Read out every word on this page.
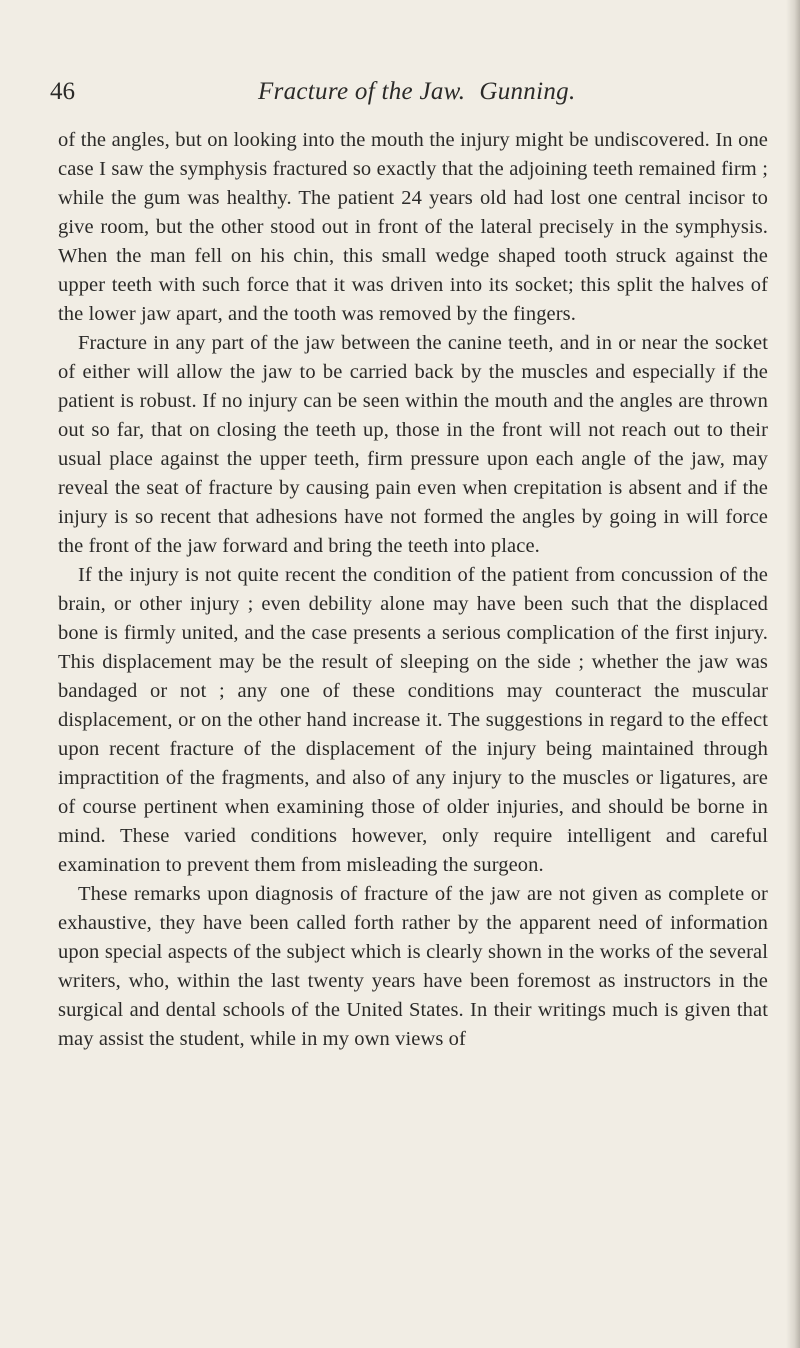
46	Fracture of the Jaw. Gunning.

of the angles, but on looking into the mouth the injury might be undiscovered. In one case I saw the symphysis fractured so exactly that the adjoining teeth remained firm ; while the gum was healthy. The patient 24 years old had lost one central incisor to give room, but the other stood out in front of the lateral precisely in the symphysis. When the man fell on his chin, this small wedge shaped tooth struck against the upper teeth with such force that it was driven into its socket; this split the halves of the lower jaw apart, and the tooth was removed by the fingers.

Fracture in any part of the jaw between the canine teeth, and in or near the socket of either will allow the jaw to be carried back by the muscles and especially if the patient is robust. If no injury can be seen within the mouth and the angles are thrown out so far, that on closing the teeth up, those in the front will not reach out to their usual place against the upper teeth, firm pressure upon each angle of the jaw, may reveal the seat of fracture by causing pain even when crepitation is absent and if the injury is so recent that adhesions have not formed the angles by going in will force the front of the jaw forward and bring the teeth into place.

If the injury is not quite recent the condition of the patient from concussion of the brain, or other injury ; even debility alone may have been such that the displaced bone is firmly united, and the case presents a serious complication of the first injury. This displacement may be the result of sleeping on the side ; whether the jaw was bandaged or not ; any one of these conditions may counteract the muscular displacement, or on the other hand increase it. The suggestions in regard to the effect upon recent fracture of the displacement of the injury being maintained through impractition of the fragments, and also of any injury to the muscles or ligatures, are of course pertinent when examining those of older injuries, and should be borne in mind. These varied conditions however, only require intelligent and careful examination to prevent them from misleading the surgeon.

These remarks upon diagnosis of fracture of the jaw are not given as complete or exhaustive, they have been called forth rather by the apparent need of information upon special aspects of the subject which is clearly shown in the works of the several writers, who, within the last twenty years have been foremost as instructors in the surgical and dental schools of the United States. In their writings much is given that may assist the student, while in my own views of
